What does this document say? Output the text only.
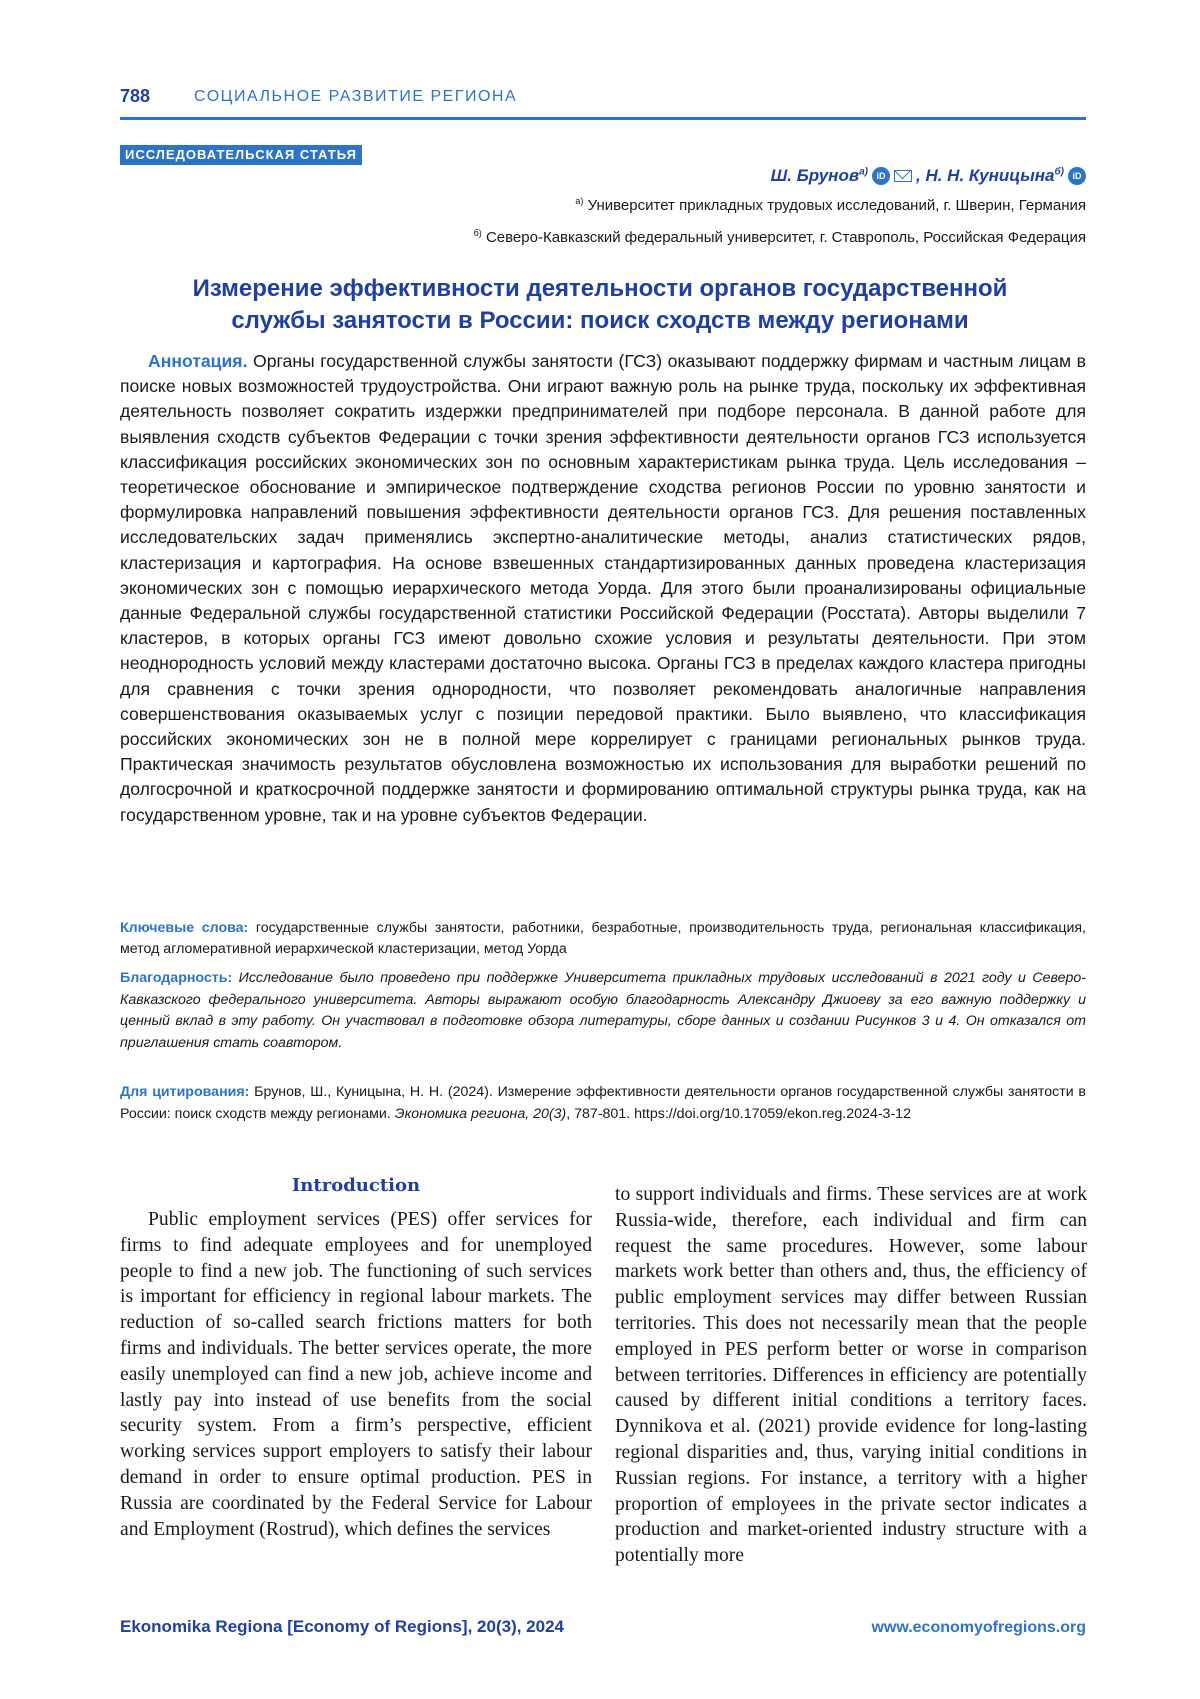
788	СОЦИАЛЬНОЕ РАЗВИТИЕ РЕГИОНА
ИССЛЕДОВАТЕЛЬСКАЯ СТАТЬЯ
Ш. Брунов$^{а)}$ iD , Н. Н. Куницына$^{б)}$ iD
$^{а)}$ Университет прикладных трудовых исследований, г. Шверин, Германия
$^{б)}$ Северо-Кавказский федеральный университет, г. Ставрополь, Российская Федерация
Измерение эффективности деятельности органов государственной службы занятости в России: поиск сходств между регионами

Аннотация. Органы государственной службы занятости (ГСЗ) оказывают поддержку фирмам и частным лицам в поиске новых возможностей трудоустройства. Они играют важную роль на рынке труда, поскольку их эффективная деятельность позволяет сократить издержки предпринимателей при подборе персонала. В данной работе для выявления сходств субъектов Федерации с точки зрения эффективности деятельности органов ГСЗ используется классификация российских экономических зон по основным характеристикам рынка труда. Цель исследования – теоретическое обоснование и эмпирическое подтверждение сходства регионов России по уровню занятости и формулировка направлений повышения эффективности деятельности органов ГСЗ. Для решения поставленных исследовательских задач применялись экспертно-аналитические методы, анализ статистических рядов, кластеризация и картография. На основе взвешенных стандартизированных данных проведена кластеризация экономических зон с помощью иерархического метода Уорда. Для этого были проанализированы официальные данные Федеральной службы государственной статистики Российской Федерации (Росстата). Авторы выделили 7 кластеров, в которых органы ГСЗ имеют довольно схожие условия и результаты деятельности. При этом неоднородность условий между кластерами достаточно высока. Органы ГСЗ в пределах каждого кластера пригодны для сравнения с точки зрения однородности, что позволяет рекомендовать аналогичные направления совершенствования оказываемых услуг с позиции передовой практики. Было выявлено, что классификация российских экономических зон не в полной мере коррелирует с границами региональных рынков труда. Практическая значимость результатов обусловлена возможностью их использования для выработки решений по долгосрочной и краткосрочной поддержке занятости и формированию оптимальной структуры рынка труда, как на государственном уровне, так и на уровне субъектов Федерации.

Ключевые слова: государственные службы занятости, работники, безработные, производительность труда, региональная классификация, метод агломеративной иерархической кластеризации, метод Уорда

Благодарность: Исследование было проведено при поддержке Университета прикладных трудовых исследований в 2021 году и Северо-Кавказского федерального университета. Авторы выражают особую благодарность Александру Джиоеву за его важную поддержку и ценный вклад в эту работу. Он участвовал в подготовке обзора литературы, сборе данных и создании Рисунков 3 и 4. Он отказался от приглашения стать соавтором.

Для цитирования: Брунов, Ш., Куницына, Н. Н. (2024). Измерение эффективности деятельности органов государственной службы занятости в России: поиск сходств между регионами. Экономика региона, 20(3), 787-801. https://doi.org/10.17059/ekon.reg.2024-3-12

Introduction

Public employment services (PES) offer services for firms to find adequate employees and for unemployed people to find a new job. The functioning of such services is important for efficiency in regional labour markets. The reduction of so-called search frictions matters for both firms and individuals. The better services operate, the more easily unemployed can find a new job, achieve income and lastly pay into instead of use benefits from the social security system. From a firm’s perspective, efficient working services support employers to satisfy their labour demand in order to ensure optimal production. PES in Russia are coordinated by the Federal Service for Labour and Employment (Rostrud), which defines the services

to support individuals and firms. These services are at work Russia-wide, therefore, each individual and firm can request the same procedures. However, some labour markets work better than others and, thus, the efficiency of public employment services may differ between Russian territories. This does not necessarily mean that the people employed in PES perform better or worse in comparison between territories. Differences in efficiency are potentially caused by different initial conditions a territory faces. Dynnikova et al. (2021) provide evidence for long-lasting regional disparities and, thus, varying initial conditions in Russian regions. For instance, a territory with a higher proportion of employees in the private sector indicates a production and market-oriented industry structure with a potentially more

Ekonomika Regiona [Economy of Regions], 20(3), 2024	www.economyofregions.org
